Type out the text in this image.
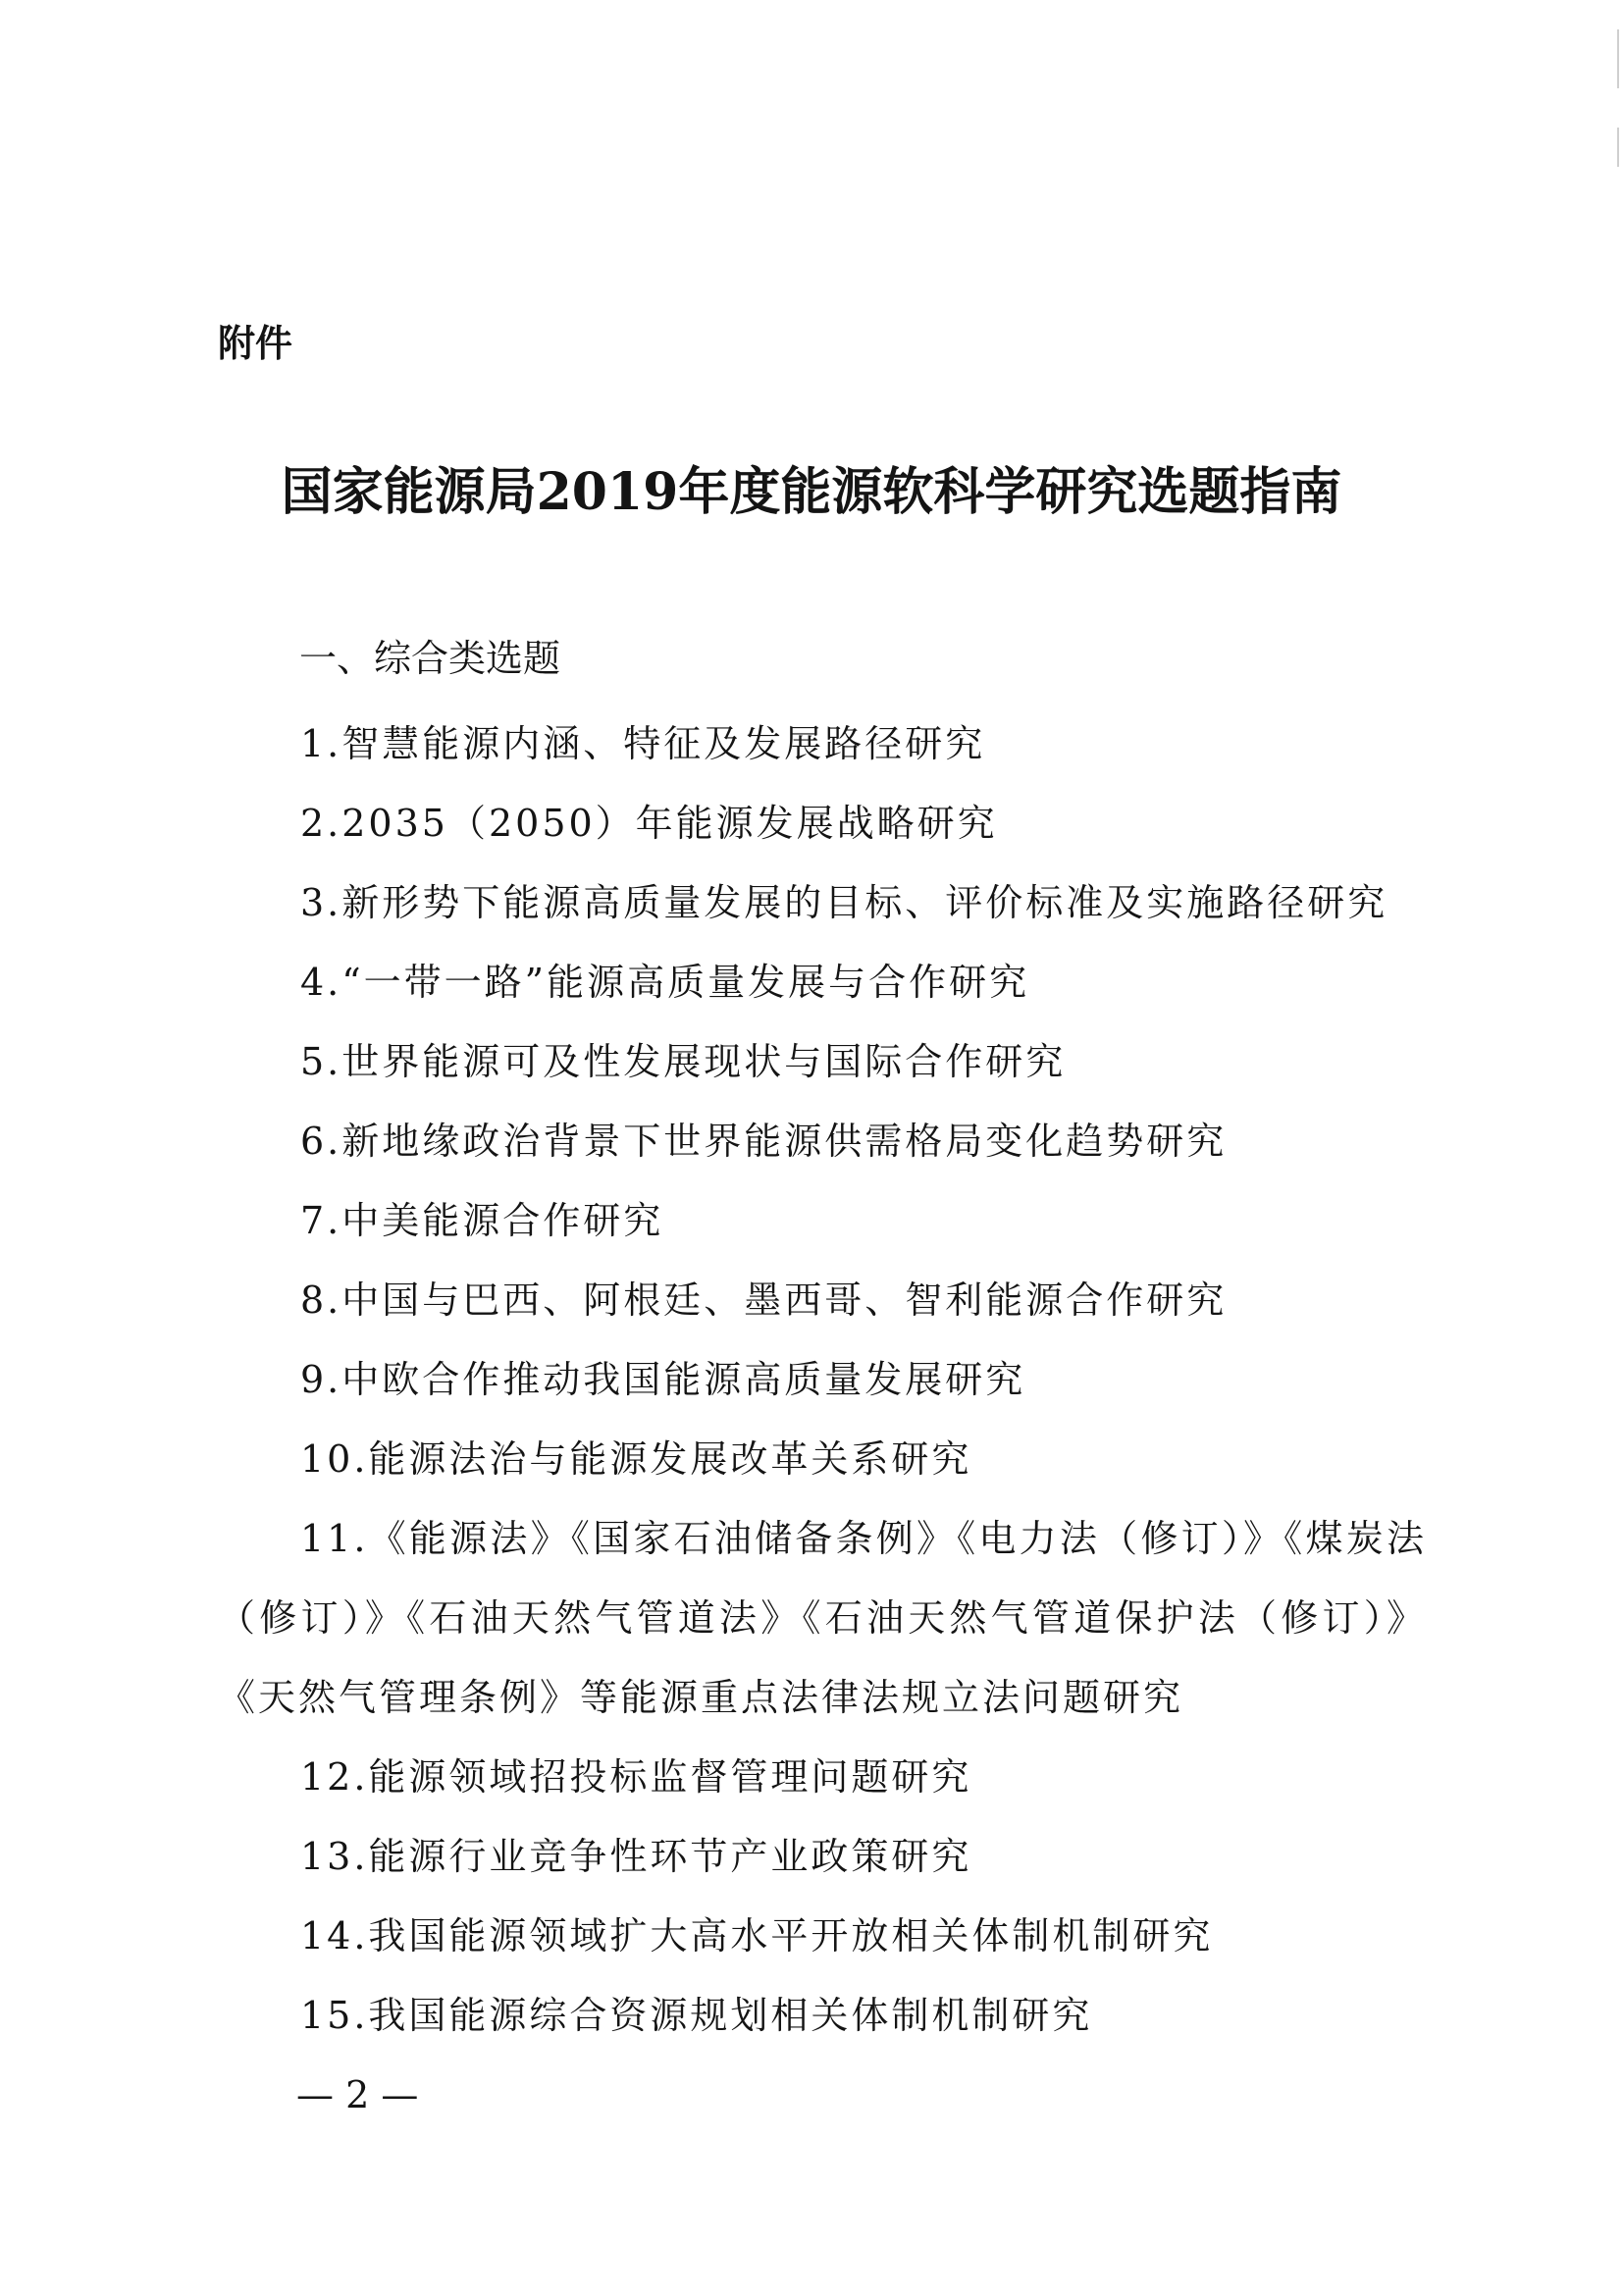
附件
国家能源局2019年度能源软科学研究选题指南
一、综合类选题
1.智慧能源内涵、特征及发展路径研究
2.2035（2050）年能源发展战略研究
3.新形势下能源高质量发展的目标、评价标准及实施路径研究
4.“一带一路”能源高质量发展与合作研究
5.世界能源可及性发展现状与国际合作研究
6.新地缘政治背景下世界能源供需格局变化趋势研究
7.中美能源合作研究
8.中国与巴西、阿根廷、墨西哥、智利能源合作研究
9.中欧合作推动我国能源高质量发展研究
10.能源法治与能源发展改革关系研究
11.《能源法》《国家石油储备条例》《电力法（修订）》《煤炭法（修订）》《石油天然气管道法》《石油天然气管道保护法（修订）》《天然气管理条例》等能源重点法律法规立法问题研究
12.能源领域招投标监督管理问题研究
13.能源行业竞争性环节产业政策研究
14.我国能源领域扩大高水平开放相关体制机制研究
15.我国能源综合资源规划相关体制机制研究
— 2 —
